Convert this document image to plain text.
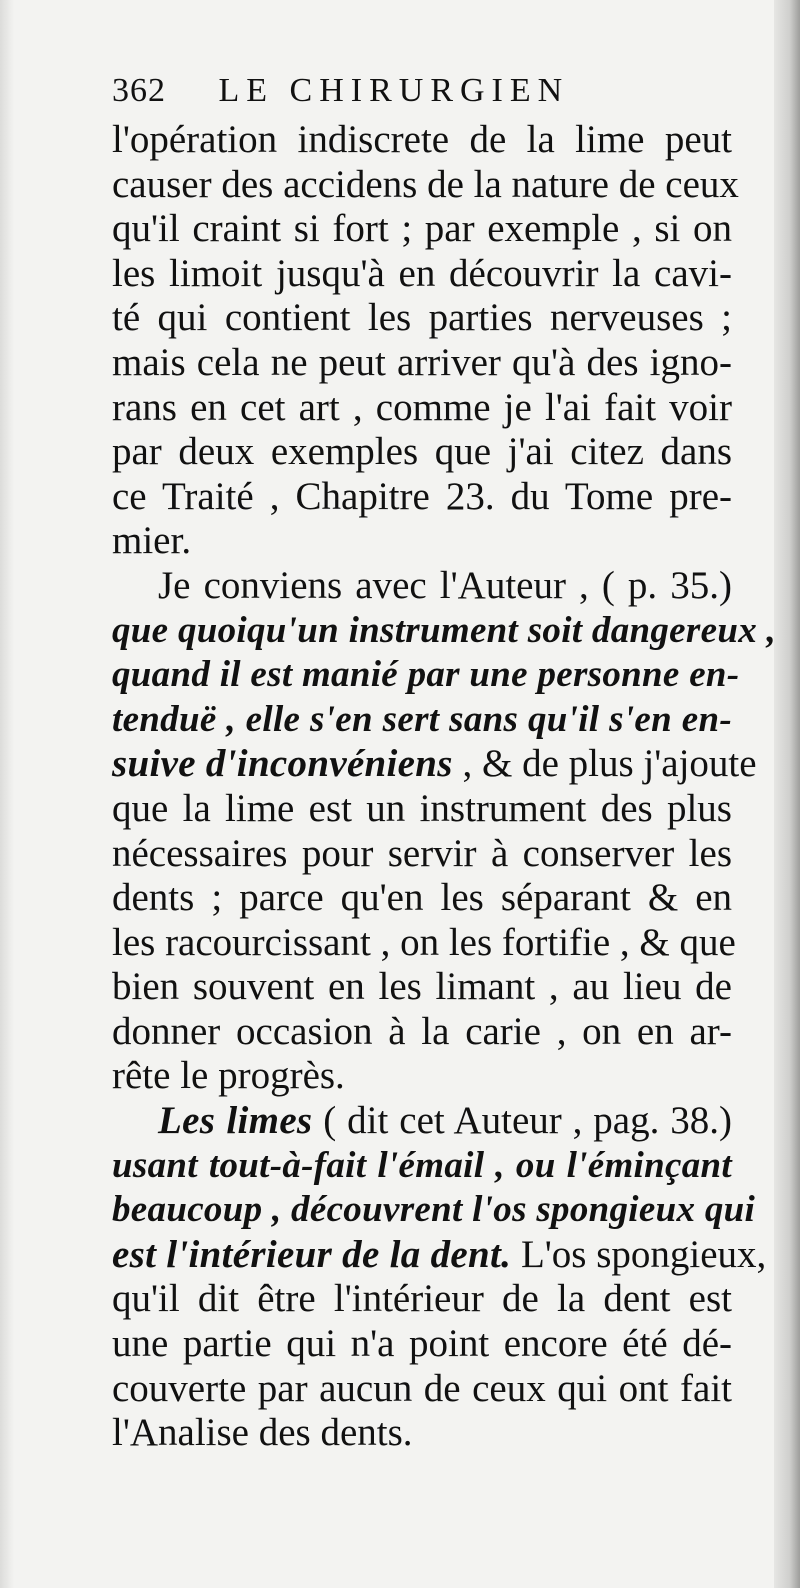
362 LE CHIRURGIEN
l'opération indiscrete de la lime peut
causer des accidens de la nature de ceux
qu'il craint si fort ; par exemple , si on
les limoit jusqu'à en découvrir la cavi-
té qui contient les parties nerveuses ;
mais cela ne peut arriver qu'à des igno-
rans en cet art , comme je l'ai fait voir
par deux exemples que j'ai citez dans
ce Traité , Chapitre 23. du Tome pre-
mier.
Je conviens avec l'Auteur , ( p. 35.)
que quoiqu'un instrument soit dangereux ,
quand il est manié par une personne en-
tenduë , elle s'en sert sans qu'il s'en en-
suive d'inconvéniens , & de plus j'ajoute
que la lime est un instrument des plus
nécessaires pour servir à conserver les
dents ; parce qu'en les séparant & en
les racourcissant , on les fortifie , & que
bien souvent en les limant , au lieu de
donner occasion à la carie , on en ar-
rête le progrès.
Les limes ( dit cet Auteur , pag. 38.)
usant tout-à-fait l'émail , ou l'éminçant
beaucoup , découvrent l'os spongieux qui
est l'intérieur de la dent. L'os spongieux,
qu'il dit être l'intérieur de la dent est
une partie qui n'a point encore été dé-
couverte par aucun de ceux qui ont fait
l'Analise des dents.
